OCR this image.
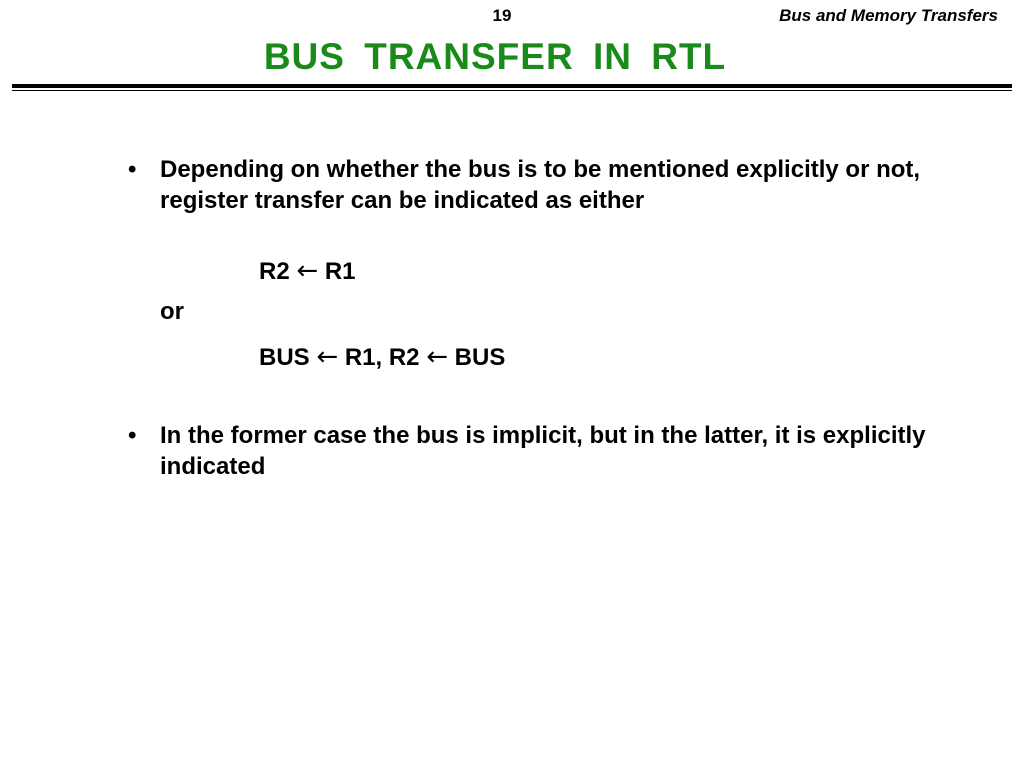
19	Bus and Memory Transfers
BUS TRANSFER IN RTL
• Depending on whether the bus is to be mentioned explicitly or not, register transfer can be indicated as either
R2 ← R1
or
BUS ← R1, R2 ← BUS
• In the former case the bus is implicit, but in the latter, it is explicitly indicated
